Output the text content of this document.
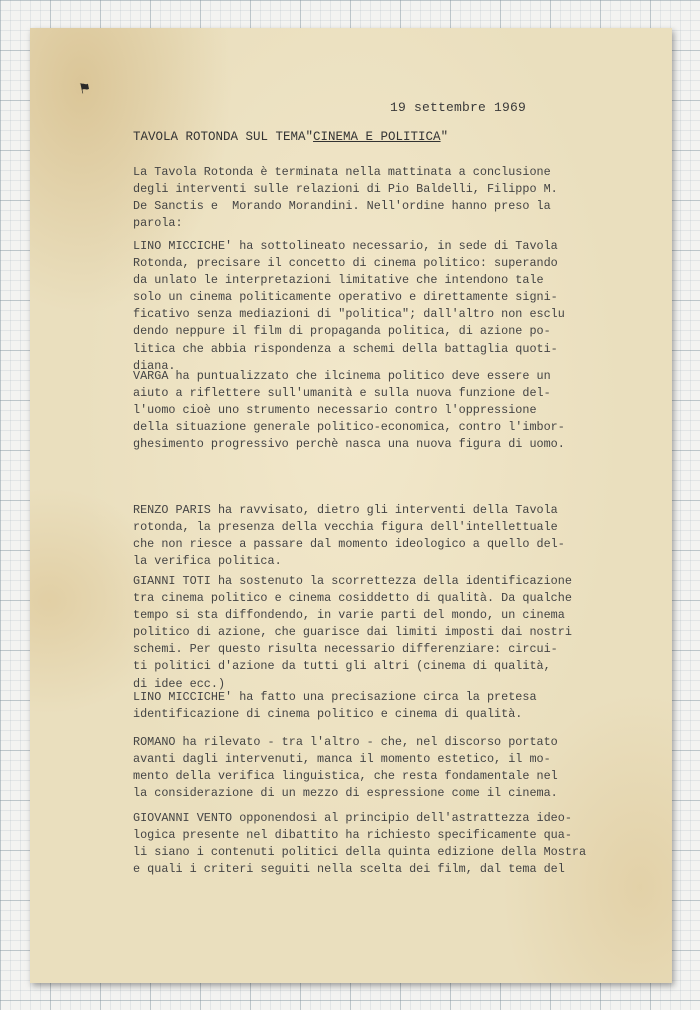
⚑
19 settembre 1969
TAVOLA ROTONDA SUL TEMA"CINEMA E POLITICA"

La Tavola Rotonda è terminata nella mattinata a conclusione
degli interventi sulle relazioni di Pio Baldelli, Filippo M.
De Sanctis e  Morando Morandini. Nell'ordine hanno preso la
parola:

LINO MICCICHE' ha sottolineato necessario, in sede di Tavola
Rotonda, precisare il concetto di cinema politico: superando
da unlato le interpretazioni limitative che intendono tale
solo un cinema politicamente operativo e direttamente signi-
ficativo senza mediazioni di "politica"; dall'altro non esclu
dendo neppure il film di propaganda politica, di azione po-
litica che abbia rispondenza a schemi della battaglia quoti-
diana.

VARGA ha puntualizzato che ilcinema politico deve essere un
aiuto a riflettere sull'umanità e sulla nuova funzione del-
l'uomo cioè uno strumento necessario contro l'oppressione
della situazione generale politico-economica, contro l'imbor-
ghesimento progressivo perchè nasca una nuova figura di uomo.

RENZO PARIS ha ravvisato, dietro gli interventi della Tavola
rotonda, la presenza della vecchia figura dell'intellettuale
che non riesce a passare dal momento ideologico a quello del-
la verifica politica.

GIANNI TOTI ha sostenuto la scorrettezza della identificazione
tra cinema politico e cinema cosiddetto di qualità. Da qualche
tempo si sta diffondendo, in varie parti del mondo, un cinema
politico di azione, che guarisce dai limiti imposti dai nostri
schemi. Per questo risulta necessario differenziare: circui-
ti politici d'azione da tutti gli altri (cinema di qualità,
di idee ecc.)

LINO MICCICHE' ha fatto una precisazione circa la pretesa
identificazione di cinema politico e cinema di qualità.

ROMANO ha rilevato - tra l'altro - che, nel discorso portato
avanti dagli intervenuti, manca il momento estetico, il mo-
mento della verifica linguistica, che resta fondamentale nel
la considerazione di un mezzo di espressione come il cinema.

GIOVANNI VENTO opponendosi al principio dell'astrattezza ideo-
logica presente nel dibattito ha richiesto specificamente qua-
li siano i contenuti politici della quinta edizione della Mostra
e quali i criteri seguiti nella scelta dei film, dal tema del
